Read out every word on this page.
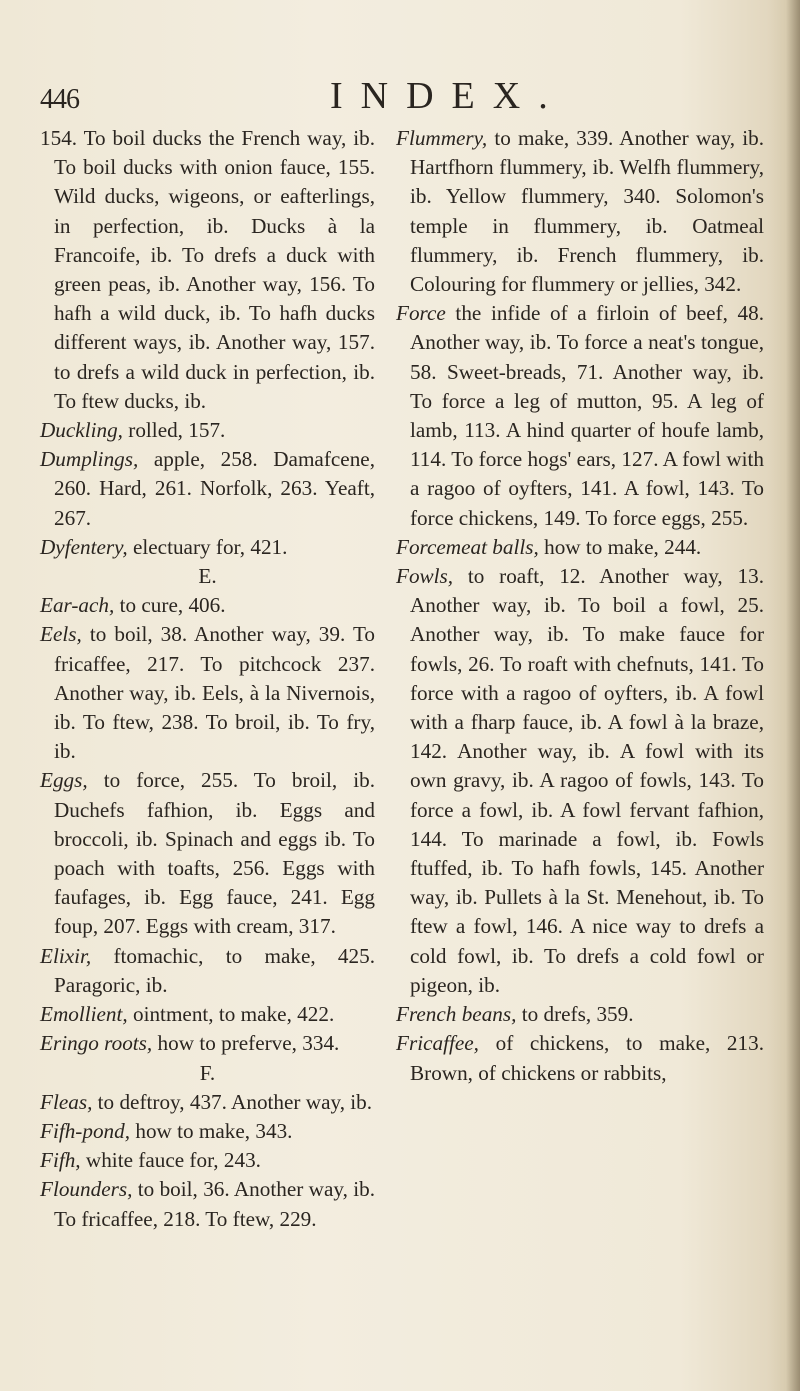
446	INDEX.

154. To boil ducks the French way, ib. To boil ducks with onion fauce, 155. Wild ducks, wigeons, or eafterlings, in perfection, ib. Ducks à la Francoife, ib. To drefs a duck with green peas, ib. Another way, 156. To hafh a wild duck, ib. To hafh ducks different ways, ib. Another way, 157. to drefs a wild duck in perfection, ib. To ftew ducks, ib.

Duckling, rolled, 157.

Dumplings, apple, 258. Damafcene, 260. Hard, 261. Norfolk, 263. Yeaft, 267.

Dyfentery, electuary for, 421.

E.

Ear-ach, to cure, 406.

Eels, to boil, 38. Another way, 39. To fricaffee, 217. To pitchcock 237. Another way, ib. Eels, à la Nivernois, ib. To ftew, 238. To broil, ib. To fry, ib.

Eggs, to force, 255. To broil, ib. Duchefs fafhion, ib. Eggs and broccoli, ib. Spinach and eggs ib. To poach with toafts, 256. Eggs with faufages, ib. Egg fauce, 241. Egg foup, 207. Eggs with cream, 317.

Elixir, ftomachic, to make, 425. Paragoric, ib.

Emollient, ointment, to make, 422.

Eringo roots, how to preferve, 334.

F.

Fleas, to deftroy, 437. Another way, ib.

Fifh-pond, how to make, 343.

Fifh, white fauce for, 243.

Flounders, to boil, 36. Another way, ib. To fricaffee, 218. To ftew, 229.

Flummery, to make, 339. Another way, ib. Hartfhorn flummery, ib. Welfh flummery, ib. Yellow flummery, 340. Solomon's temple in flummery, ib. Oatmeal flummery, ib. French flummery, ib. Colouring for flummery or jellies, 342.

Force the infide of a firloin of beef, 48. Another way, ib. To force a neat's tongue, 58. Sweet-breads, 71. Another way, ib. To force a leg of mutton, 95. A leg of lamb, 113. A hind quarter of houfe lamb, 114. To force hogs' ears, 127. A fowl with a ragoo of oyfters, 141. A fowl, 143. To force chickens, 149. To force eggs, 255.

Forcemeat balls, how to make, 244.

Fowls, to roaft, 12. Another way, 13. Another way, ib. To boil a fowl, 25. Another way, ib. To make fauce for fowls, 26. To roaft with chefnuts, 141. To force with a ragoo of oyfters, ib. A fowl with a fharp fauce, ib. A fowl à la braze, 142. Another way, ib. A fowl with its own gravy, ib. A ragoo of fowls, 143. To force a fowl, ib. A fowl fervant fafhion, 144. To marinade a fowl, ib. Fowls ftuffed, ib. To hafh fowls, 145. Another way, ib. Pullets à la St. Menehout, ib. To ftew a fowl, 146. A nice way to drefs a cold fowl, ib. To drefs a cold fowl or pigeon, ib.

French beans, to drefs, 359.

Fricaffee, of chickens, to make, 213. Brown, of chickens or rabbits,
